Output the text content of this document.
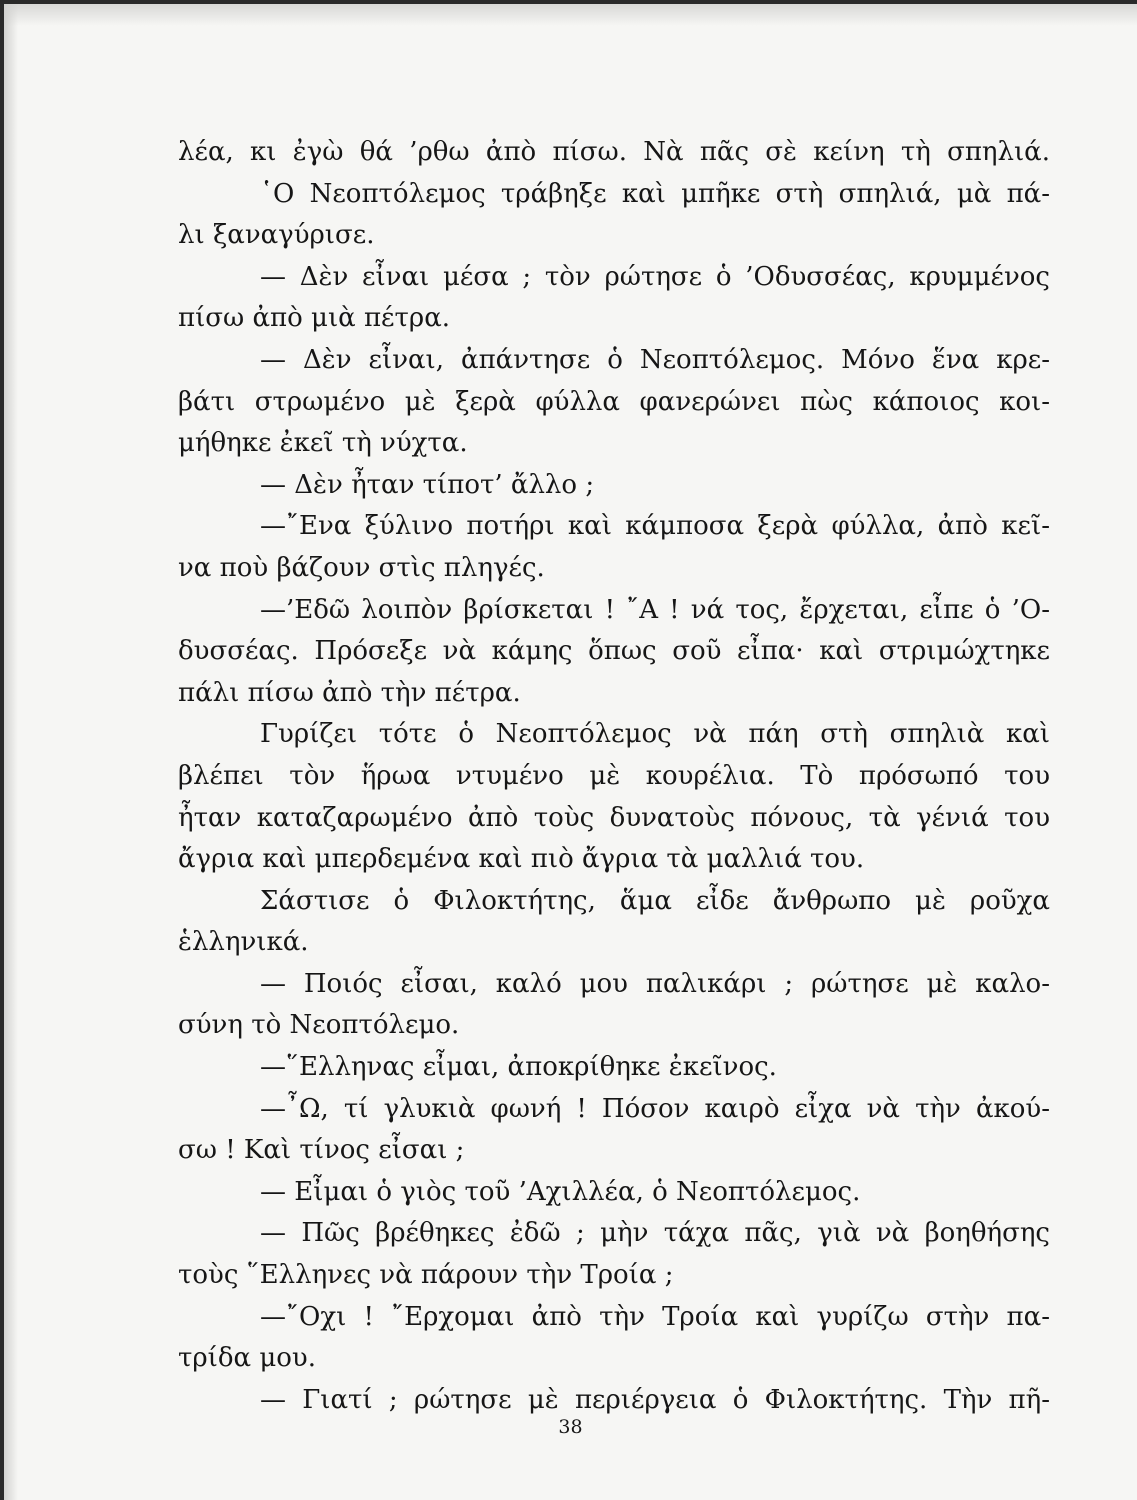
λέα, κι ἐγὼ θά ’ρθω ἀπὸ πίσω. Νὰ πᾶς σὲ κείνη τὴ σπηλιά.
῾Ο Νεοπτόλεμος τράβηξε καὶ μπῆκε στὴ σπηλιά, μὰ πά-
λι ξαναγύρισε.
— Δὲν εἶναι μέσα ; τὸν ρώτησε ὁ ’Οδυσσέας, κρυμμένος
πίσω ἀπὸ μιὰ πέτρα.
— Δὲν εἶναι, ἀπάντησε ὁ Νεοπτόλεμος. Μόνο ἕνα κρε-
βάτι στρωμένο μὲ ξερὰ φύλλα φανερώνει πὼς κάποιος κοι-
μήθηκε ἐκεῖ τὴ νύχτα.
— Δὲν ἦταν τίποτ’ ἄλλο ;
—῎Ενα ξύλινο ποτήρι καὶ κάμποσα ξερὰ φύλλα, ἀπὸ κεῖ-
να ποὺ βάζουν στὶς πληγές.
—’Εδῶ λοιπὸν βρίσκεται ! ῎Α ! νά τος, ἔρχεται, εἶπε ὁ ’Ο-
δυσσέας. Πρόσεξε νὰ κάμης ὅπως σοῦ εἶπα· καὶ στριμώχτηκε
πάλι πίσω ἀπὸ τὴν πέτρα.
Γυρίζει τότε ὁ Νεοπτόλεμος νὰ πάη στὴ σπηλιὰ καὶ
βλέπει τὸν ἥρωα ντυμένο μὲ κουρέλια. Τὸ πρόσωπό του
ἦταν καταζαρωμένο ἀπὸ τοὺς δυνατοὺς πόνους, τὰ γένιά του
ἄγρια καὶ μπερδεμένα καὶ πιὸ ἄγρια τὰ μαλλιά του.
Σάστισε ὁ Φιλοκτήτης, ἅμα εἶδε ἄνθρωπο μὲ ροῦχα
ἑλληνικά.
— Ποιός εἶσαι, καλό μου παλικάρι ; ρώτησε μὲ καλο-
σύνη τὸ Νεοπτόλεμο.
—῞Ελληνας εἶμαι, ἀποκρίθηκε ἐκεῖνος.
—῏Ω, τί γλυκιὰ φωνή ! Πόσον καιρὸ εἶχα νὰ τὴν ἀκού-
σω ! Καὶ τίνος εἶσαι ;
— Εἶμαι ὁ γιὸς τοῦ ’Αχιλλέα, ὁ Νεοπτόλεμος.
— Πῶς βρέθηκες ἐδῶ ; μὴν τάχα πᾶς, γιὰ νὰ βοηθήσης
τοὺς ῞Ελληνες νὰ πάρουν τὴν Τροία ;
—῎Οχι ! ῎Ερχομαι ἀπὸ τὴν Τροία καὶ γυρίζω στὴν πα-
τρίδα μου.
— Γιατί ; ρώτησε μὲ περιέργεια ὁ Φιλοκτήτης. Τὴν πῆ-
38
